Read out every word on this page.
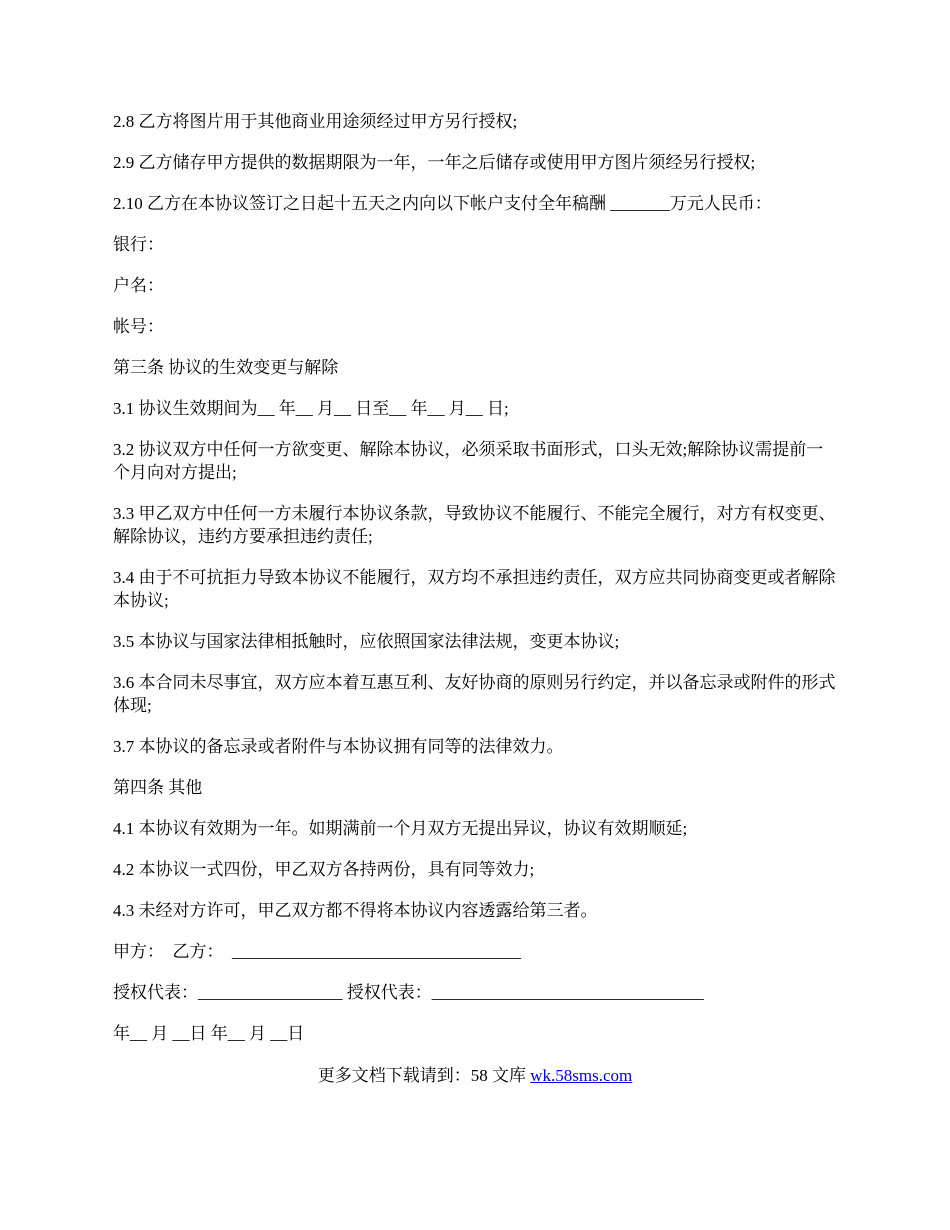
2.8 乙方将图片用于其他商业用途须经过甲方另行授权;

2.9 乙方储存甲方提供的数据期限为一年，一年之后储存或使用甲方图片须经另行授权;

2.10 乙方在本协议签订之日起十五天之内向以下帐户支付全年稿酬 _______万元人民币：

银行：

户名：

帐号：

第三条 协议的生效变更与解除

3.1 协议生效期间为__ 年__ 月__ 日至__ 年__ 月__ 日;

3.2 协议双方中任何一方欲变更、解除本协议，必须采取书面形式，口头无效;解除协议需提前一个月向对方提出;

3.3 甲乙双方中任何一方未履行本协议条款，导致协议不能履行、不能完全履行，对方有权变更、解除协议，违约方要承担违约责任;

3.4 由于不可抗拒力导致本协议不能履行，双方均不承担违约责任，双方应共同协商变更或者解除本协议;

3.5 本协议与国家法律相抵触时，应依照国家法律法规，变更本协议;

3.6 本合同未尽事宜，双方应本着互惠互利、友好协商的原则另行约定，并以备忘录或附件的形式体现;

3.7 本协议的备忘录或者附件与本协议拥有同等的法律效力。

第四条 其他

4.1 本协议有效期为一年。如期满前一个月双方无提出异议，协议有效期顺延;

4.2 本协议一式四份，甲乙双方各持两份，具有同等效力;

4.3 未经对方许可，甲乙双方都不得将本协议内容透露给第三者。

甲方：  乙方：  __________________________________

授权代表：_________________ 授权代表：________________________________

年__ 月 __日 年__ 月 __日

更多文档下载请到：58 文库 wk.58sms.com
